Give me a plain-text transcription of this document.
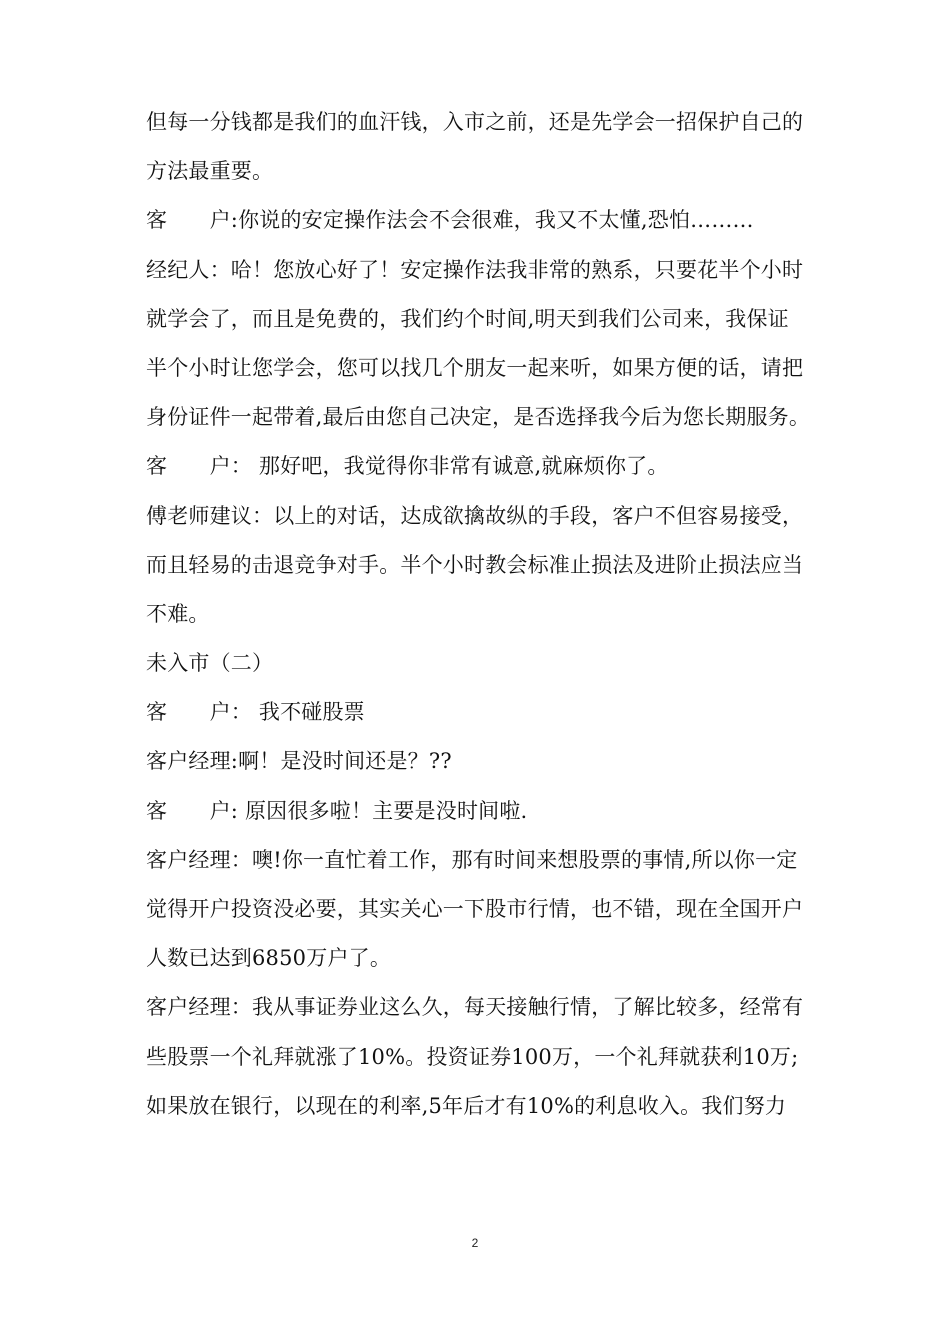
但每一分钱都是我们的血汗钱，入市之前，还是先学会一招保护自己的
方法最重要。
客　　户:你说的安定操作法会不会很难，我又不太懂,恐怕………
经纪人：哈！您放心好了！安定操作法我非常的熟系，只要花半个小时
就学会了，而且是免费的，我们约个时间,明天到我们公司来，我保证
半个小时让您学会，您可以找几个朋友一起来听，如果方便的话，请把
身份证件一起带着,最后由您自己决定，是否选择我今后为您长期服务。
客　　户： 那好吧，我觉得你非常有诚意,就麻烦你了。
傅老师建议：以上的对话，达成欲擒故纵的手段，客户不但容易接受，
而且轻易的击退竞争对手。半个小时教会标准止损法及进阶止损法应当
不难。
未入市（二）
客　　户： 我不碰股票
客户经理:啊！是没时间还是？??
客　　户: 原因很多啦！主要是没时间啦.
客户经理：噢!你一直忙着工作，那有时间来想股票的事情,所以你一定
觉得开户投资没必要，其实关心一下股市行情，也不错，现在全国开户
人数已达到6850万户了。
客户经理：我从事证券业这么久，每天接触行情，了解比较多，经常有
些股票一个礼拜就涨了10%。投资证券100万，一个礼拜就获利10万;
如果放在银行，以现在的利率,5年后才有10%的利息收入。我们努力
2
